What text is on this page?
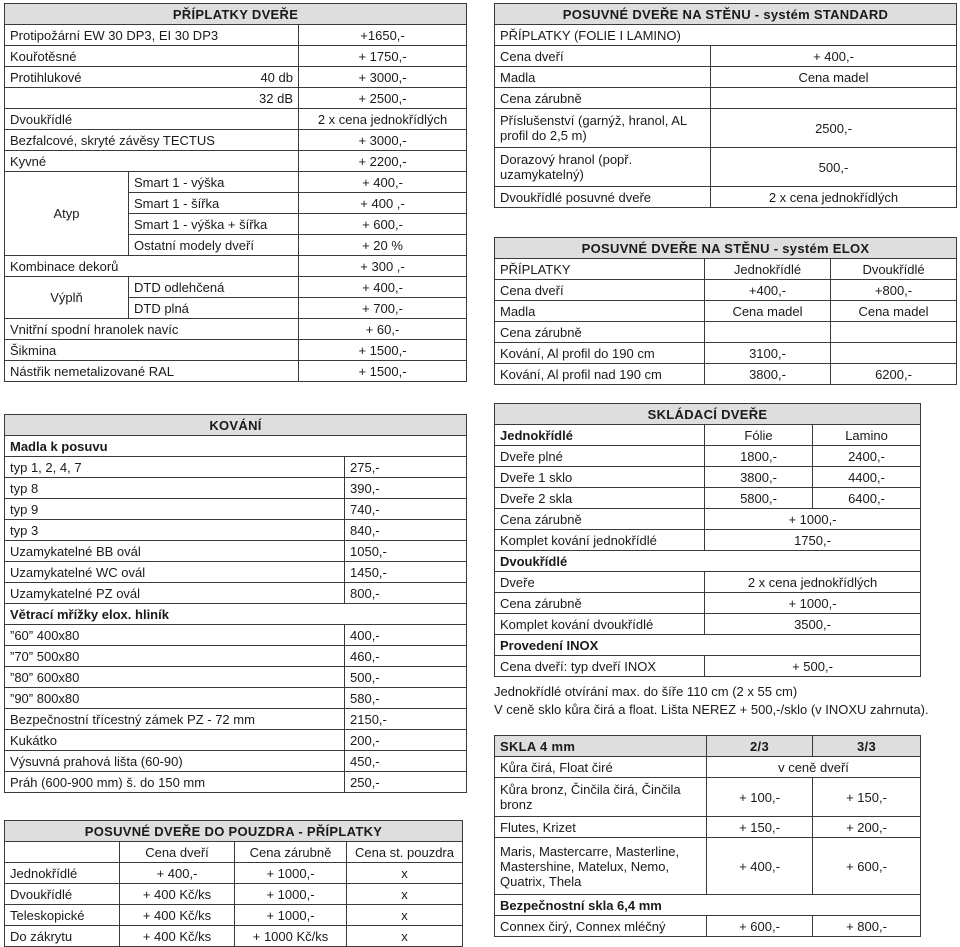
PŘÍPLATKY DVEŘE		
Protipožární EW 30 DP3, EI 30 DP3		+1650,-
Kouřotěsné		+ 1750,-
Protihlukové 40 db		+ 3000,-
32 dB		+ 2500,-
Dvoukřídlé		2 x cena jednokřídlých
Bezfalcové, skryté závěsy TECTUS		+ 3000,-
Kyvné		+ 2200,-
Atyp	Smart 1 - výška	+ 400,-
	Smart 1 - šířka	+ 400 ,-
	Smart 1 - výška + šířka	+ 600,-
	Ostatní modely dveří	+ 20 %
Kombinace dekorů		+ 300 ,-
Výplň	DTD odlehčená	+ 400,-
	DTD plná	+ 700,-
Vnitřní spodní hranolek navíc		+ 60,-
Šikmina		+ 1500,-
Nástřik nemetalizované RAL		+ 1500,-
KOVÁNÍ	
Madla k posuvu	
typ 1, 2, 4, 7	275,-
typ 8	390,-
typ 9	740,-
typ 3	840,-
Uzamykatelné BB ovál	1050,-
Uzamykatelné WC ovál	1450,-
Uzamykatelné PZ ovál	800,-
Větrací mřížky elox. hliník	
”60” 400x80	400,-
”70” 500x80	460,-
”80” 600x80	500,-
”90” 800x80	580,-
Bezpečnostní třícestný zámek PZ - 72 mm	2150,-
Kukátko	200,-
Výsuvná prahová lišta (60-90)	450,-
Práh (600-900 mm) š. do 150 mm	250,-
POSUVNÉ DVEŘE DO POUZDRA - PŘÍPLATKY			
	Cena dveří	Cena zárubně	Cena st. pouzdra
Jednokřídlé	+ 400,-	+ 1000,-	x
Dvoukřídlé	+ 400 Kč/ks	+ 1000,-	x
Teleskopické	+ 400 Kč/ks	+ 1000,-	x
Do zákrytu	+ 400 Kč/ks	+ 1000 Kč/ks	x
POSUVNÉ DVEŘE NA STĚNU - systém STANDARD	
PŘÍPLATKY (FOLIE I LAMINO)	
Cena dveří	+ 400,-
Madla	Cena madel
Cena zárubně	
Příslušenství (garnýž, hranol, AL profil do 2,5 m)	2500,-
Dorazový hranol (popř. uzamykatelný)	500,-
Dvoukřídlé posuvné dveře	2 x cena jednokřídlých
POSUVNÉ DVEŘE NA STĚNU - systém ELOX		
PŘÍPLATKY	Jednokřídlé	Dvoukřídlé
Cena dveří	+400,-	+800,-
Madla	Cena madel	Cena madel
Cena zárubně		
Kování, Al profil do 190 cm	3100,-	
Kování, Al profil nad 190 cm	3800,-	6200,-
SKLÁDACÍ DVEŘE		
Jednokřídlé	Fólie	Lamino
Dveře plné	1800,-	2400,-
Dveře 1 sklo	3800,-	4400,-
Dveře 2 skla	5800,-	6400,-
Cena zárubně	+ 1000,-	
Komplet kování jednokřídlé	1750,-	
Dvoukřídlé		
Dveře	2 x cena jednokřídlých	
Cena zárubně	+ 1000,-	
Komplet kování dvoukřídlé	3500,-	
Provedení INOX		
Cena dveří: typ dveří INOX	+ 500,-	
Jednokřídlé otvírání max. do šíře 110 cm (2 x 55 cm)
V ceně sklo kůra čirá a float. Lišta NEREZ + 500,-/sklo (v INOXU zahrnuta).
SKLA 4 mm	2/3	3/3
Kůra čirá, Float čiré	v ceně dveří	
Kůra bronz, Činčila čirá, Činčila bronz	+ 100,-	+ 150,-
Flutes, Krizet	+ 150,-	+ 200,-
Maris, Mastercarre, Masterline, Mastershine, Matelux, Nemo, Quatrix, Thela	+ 400,-	+ 600,-
Bezpečnostní skla 6,4 mm		
Connex čirý, Connex mléčný	+ 600,-	+ 800,-
